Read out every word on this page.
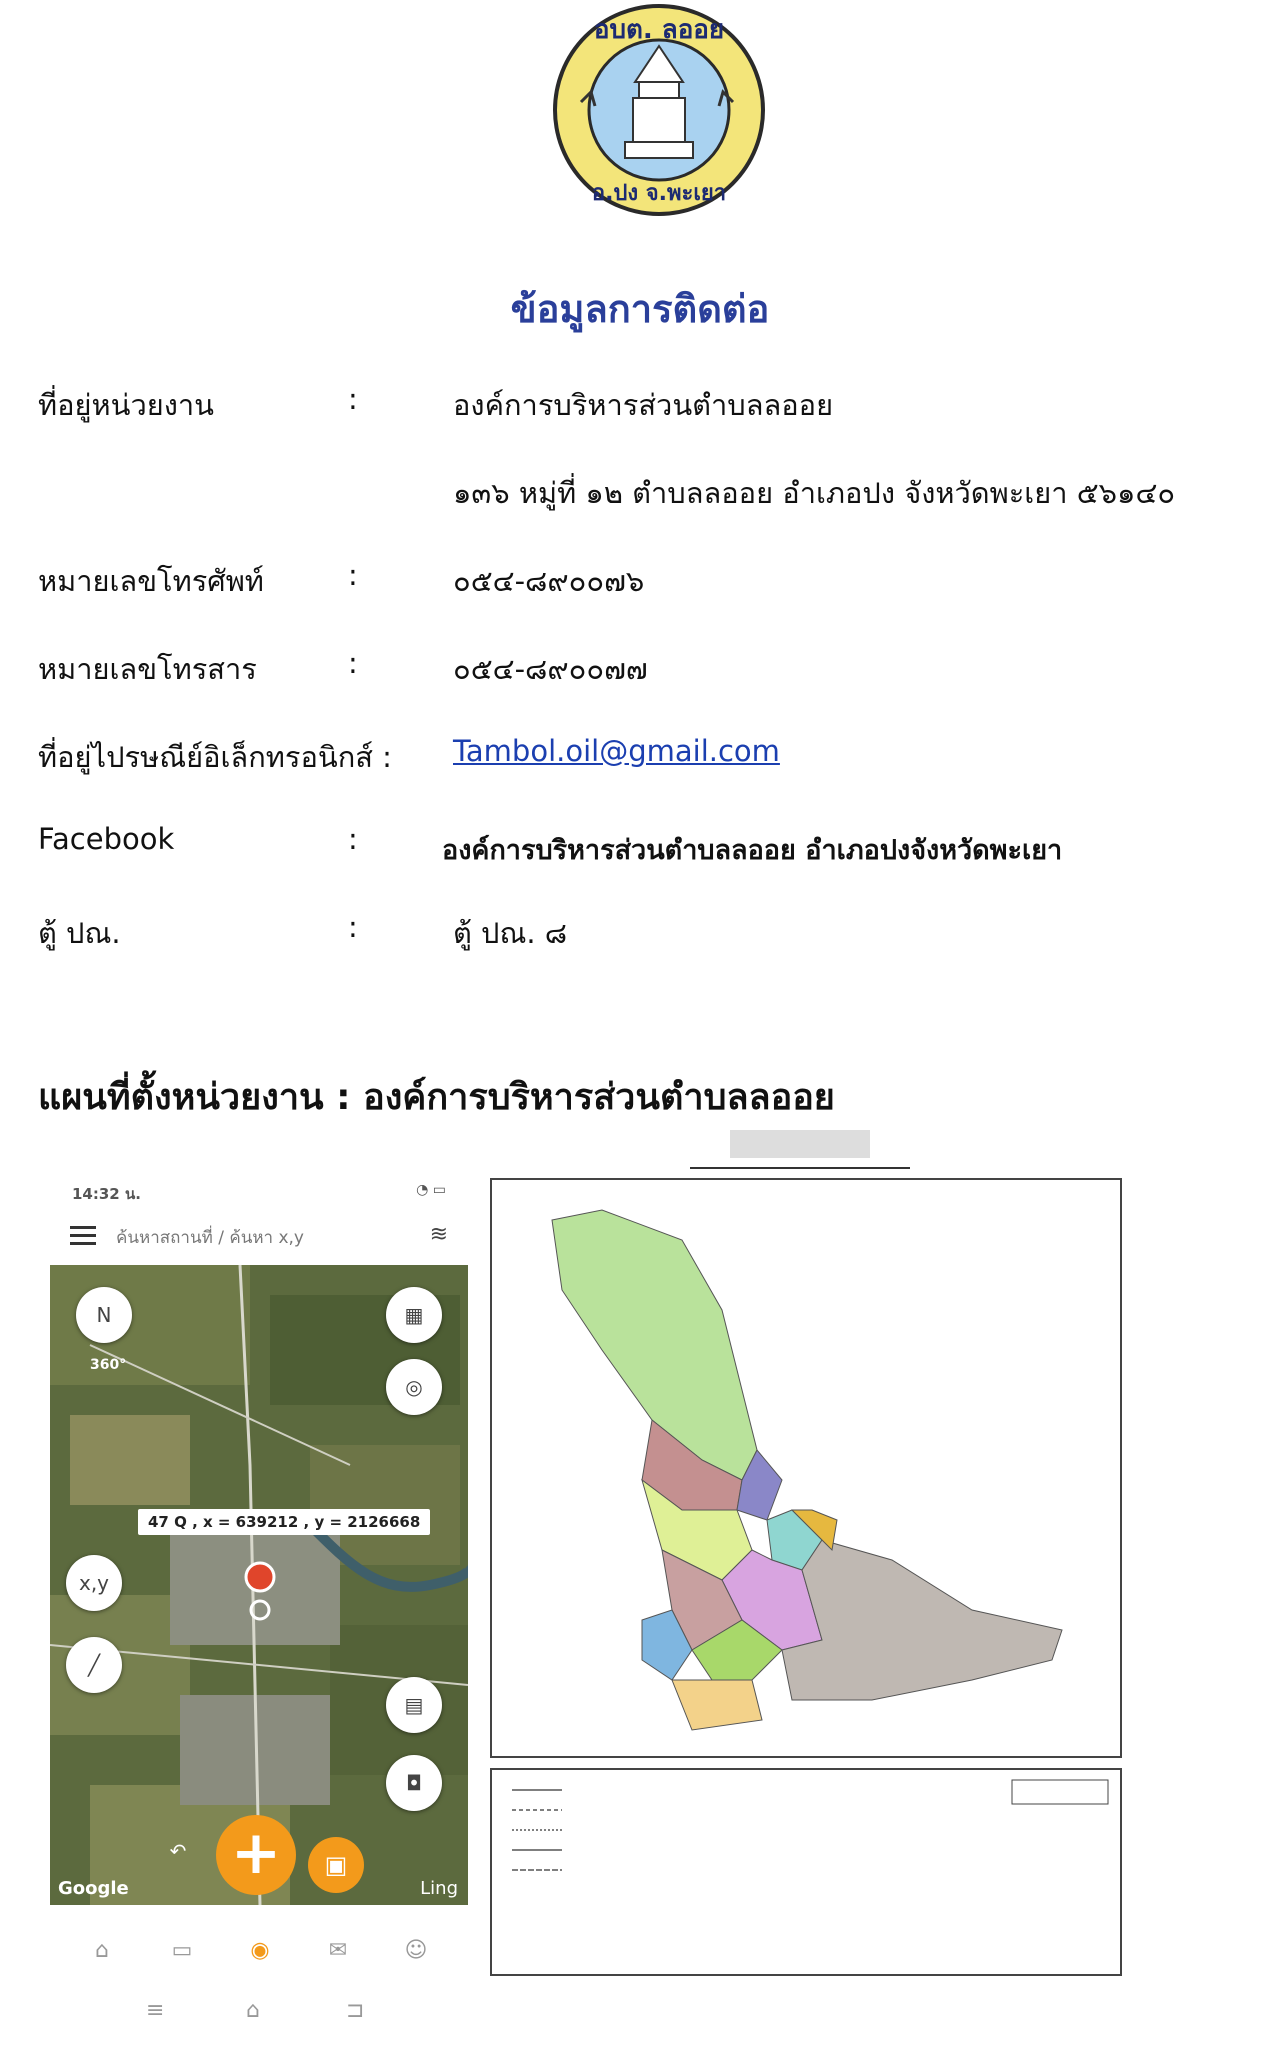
อบต. ลออย
อ.ปง จ.พะเยา
ข้อมูลการติดต่อ
ที่อยู่หน่วยงาน	:	องค์การบริหารส่วนตำบลลออย
๑๓๖ หมู่ที่ ๑๒ ตำบลลออย อำเภอปง จังหวัดพะเยา ๕๖๑๔๐
หมายเลขโทรศัพท์	:	๐๕๔-๘๙๐๐๗๖
หมายเลขโทรสาร	:	๐๕๔-๘๙๐๐๗๗
ที่อยู่ไปรษณีย์อิเล็กทรอนิกส์ : Tambol.oil@gmail.com
Facebook	:	องค์การบริหารส่วนตำบลลออย อำเภอปงจังหวัดพะเยา
ตู้ ปณ.	:	ตู้ ปณ. ๘
แผนที่ตั้งหน่วยงาน : องค์การบริหารส่วนตำบลลออย
14:32 น.	◔ ▭
ค้นหาสถานที่ / ค้นหา x,y	≋
N
360°
▦
◎
47 Q , x = 639212 , y = 2126668
x,y
╱
▤
◘
↶ +	▣
Google	Ling
⌂	▭	◉	✉	☺
≡	⌂	⊐
